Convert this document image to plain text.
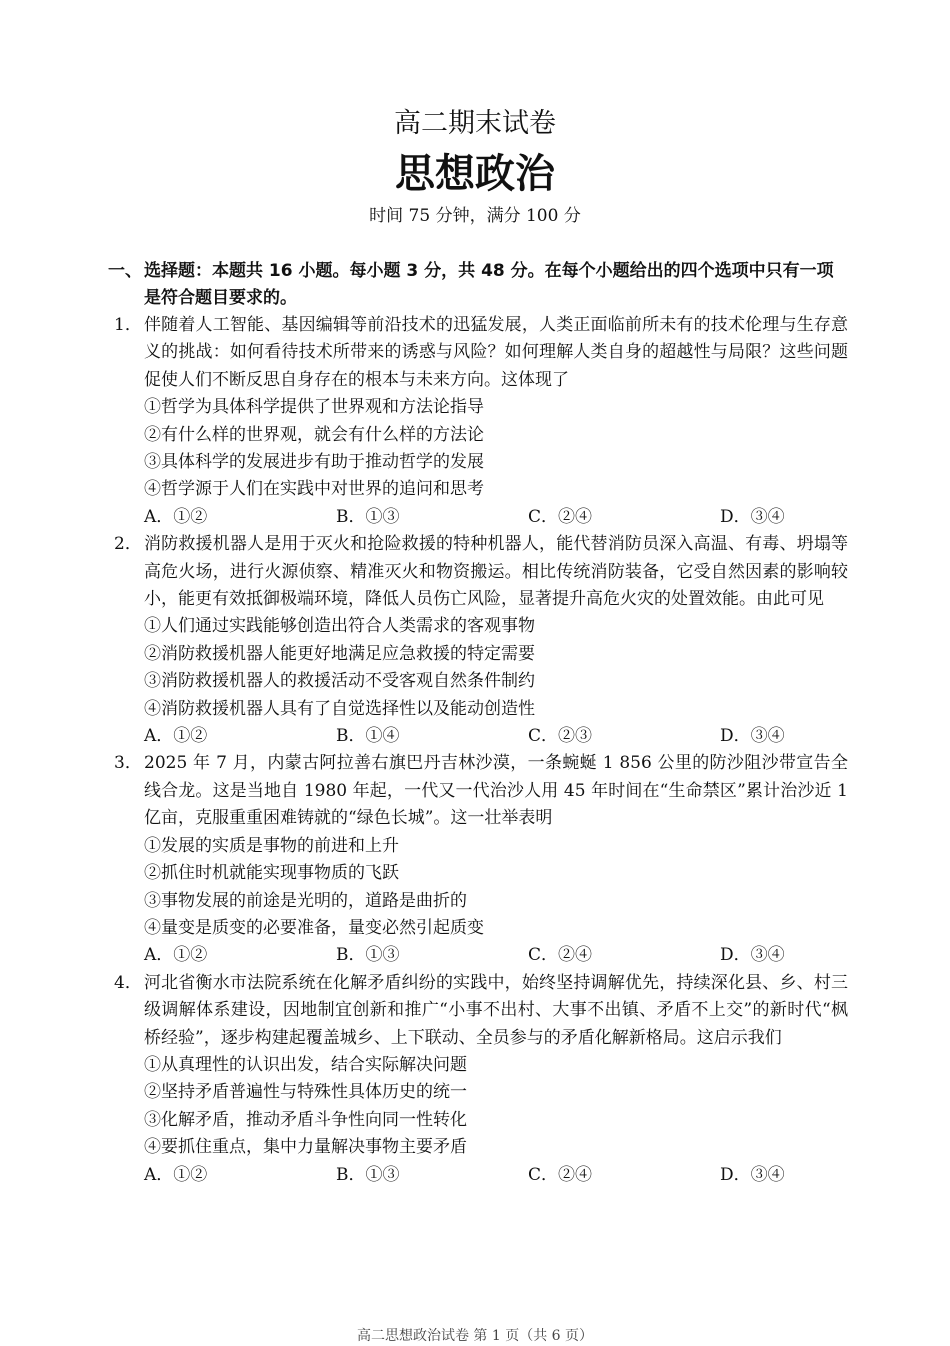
高二期末试卷
思想政治
时间 75 分钟，满分 100 分
一、 选择题：本题共 16 小题。每小题 3 分，共 48 分。在每个小题给出的四个选项中只有一项是符合题目要求的。
1． 伴随着人工智能、基因编辑等前沿技术的迅猛发展，人类正面临前所未有的技术伦理与生存意义的挑战：如何看待技术所带来的诱惑与风险？如何理解人类自身的超越性与局限？这些问题促使人们不断反思自身存在的根本与未来方向。这体现了
①哲学为具体科学提供了世界观和方法论指导
②有什么样的世界观，就会有什么样的方法论
③具体科学的发展进步有助于推动哲学的发展
④哲学源于人们在实践中对世界的追问和思考
A．①②	B．①③	C．②④	D．③④
2． 消防救援机器人是用于灭火和抢险救援的特种机器人，能代替消防员深入高温、有毒、坍塌等高危火场，进行火源侦察、精准灭火和物资搬运。相比传统消防装备，它受自然因素的影响较小，能更有效抵御极端环境，降低人员伤亡风险，显著提升高危火灾的处置效能。由此可见
①人们通过实践能够创造出符合人类需求的客观事物
②消防救援机器人能更好地满足应急救援的特定需要
③消防救援机器人的救援活动不受客观自然条件制约
④消防救援机器人具有了自觉选择性以及能动创造性
A．①②	B．①④	C．②③	D．③④
3． 2025 年 7 月，内蒙古阿拉善右旗巴丹吉林沙漠，一条蜿蜒 1 856 公里的防沙阻沙带宣告全线合龙。这是当地自 1980 年起，一代又一代治沙人用 45 年时间在“生命禁区”累计治沙近 1 亿亩，克服重重困难铸就的“绿色长城”。这一壮举表明
①发展的实质是事物的前进和上升
②抓住时机就能实现事物质的飞跃
③事物发展的前途是光明的，道路是曲折的
④量变是质变的必要准备，量变必然引起质变
A．①②	B．①③	C．②④	D．③④
4． 河北省衡水市法院系统在化解矛盾纠纷的实践中，始终坚持调解优先，持续深化县、乡、村三级调解体系建设，因地制宜创新和推广“小事不出村、大事不出镇、矛盾不上交”的新时代“枫桥经验”，逐步构建起覆盖城乡、上下联动、全员参与的矛盾化解新格局。这启示我们
①从真理性的认识出发，结合实际解决问题
②坚持矛盾普遍性与特殊性具体历史的统一
③化解矛盾，推动矛盾斗争性向同一性转化
④要抓住重点，集中力量解决事物主要矛盾
A．①②	B．①③	C．②④	D．③④
高二思想政治试卷 第 1 页（共 6 页）
